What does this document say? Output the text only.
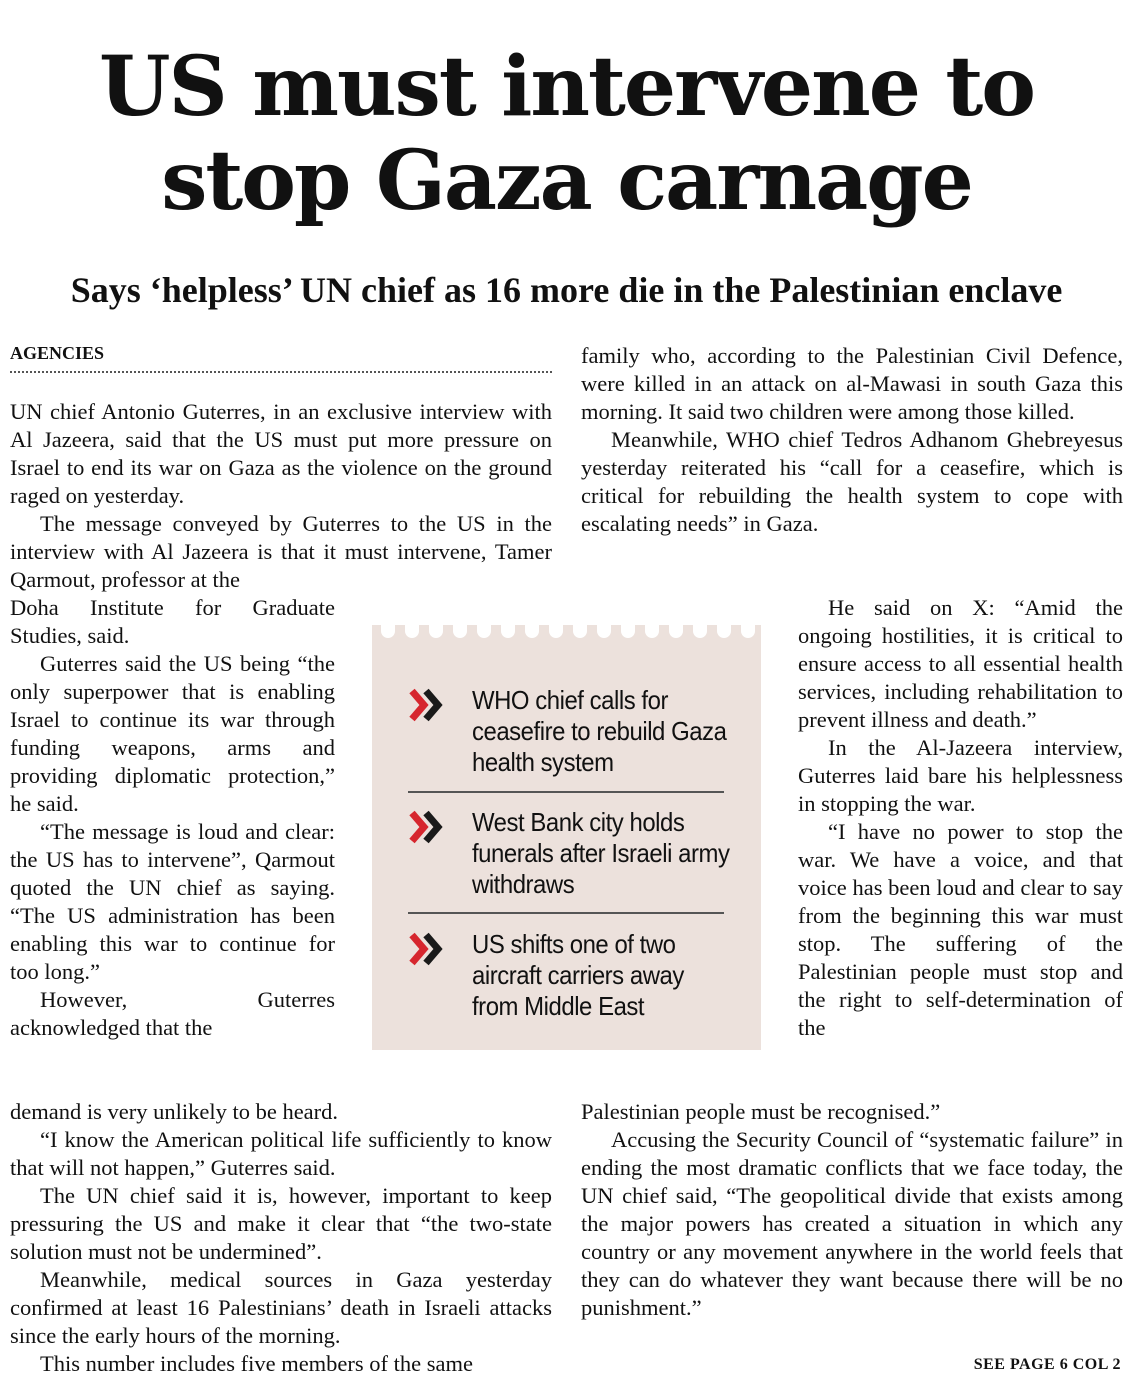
US must intervene to
stop Gaza carnage
Says ‘helpless’ UN chief as 16 more die in the Palestinian enclave
AGENCIES

UN chief Antonio Guterres, in an exclusive interview with Al Jazeera, said that the US must put more pressure on Israel to end its war on Gaza as the violence on the ground raged on yesterday.

The message conveyed by Guterres to the US in the interview with Al Jazeera is that it must intervene, Tamer Qarmout, professor at the

Doha Institute for Graduate Studies, said.

Guterres said the US being “the only superpower that is enabling Israel to continue its war through funding weapons, arms and providing diplomatic protection,” he said.

“The message is loud and clear: the US has to intervene”, Qarmout quoted the UN chief as saying. “The US administration has been enabling this war to continue for too long.”

However, Guterres acknowledged that the

demand is very unlikely to be heard.

“I know the American political life sufficiently to know that will not happen,” Guterres said.

The UN chief said it is, however, important to keep pressuring the US and make it clear that “the two-state solution must not be undermined”.

Meanwhile, medical sources in Gaza yesterday confirmed at least 16 Palestinians’ death in Israeli attacks since the early hours of the morning.

This number includes five members of the same

family who, according to the Palestinian Civil Defence, were killed in an attack on al-Mawasi in south Gaza this morning. It said two children were among those killed.

Meanwhile, WHO chief Tedros Adhanom Ghebreyesus yesterday reiterated his “call for a ceasefire, which is critical for rebuilding the health system to cope with escalating needs” in Gaza.

He said on X: “Amid the ongoing hostilities, it is critical to ensure access to all essential health services, including rehabilitation to prevent illness and death.”

In the Al-Jazeera interview, Guterres laid bare his helplessness in stopping the war.

“I have no power to stop the war. We have a voice, and that voice has been loud and clear to say from the beginning this war must stop. The suffering of the Palestinian people must stop and the right to self-determination of the

Palestinian people must be recognised.”

Accusing the Security Council of “systematic failure” in ending the most dramatic conflicts that we face today, the UN chief said, “The geopolitical divide that exists among the major powers has created a situation in which any country or any movement anywhere in the world feels that they can do whatever they want because there will be no punishment.”

WHO chief calls for ceasefire to rebuild Gaza health system
West Bank city holds funerals after Israeli army withdraws
US shifts one of two aircraft carriers away from Middle East
SEE PAGE 6 COL 2
